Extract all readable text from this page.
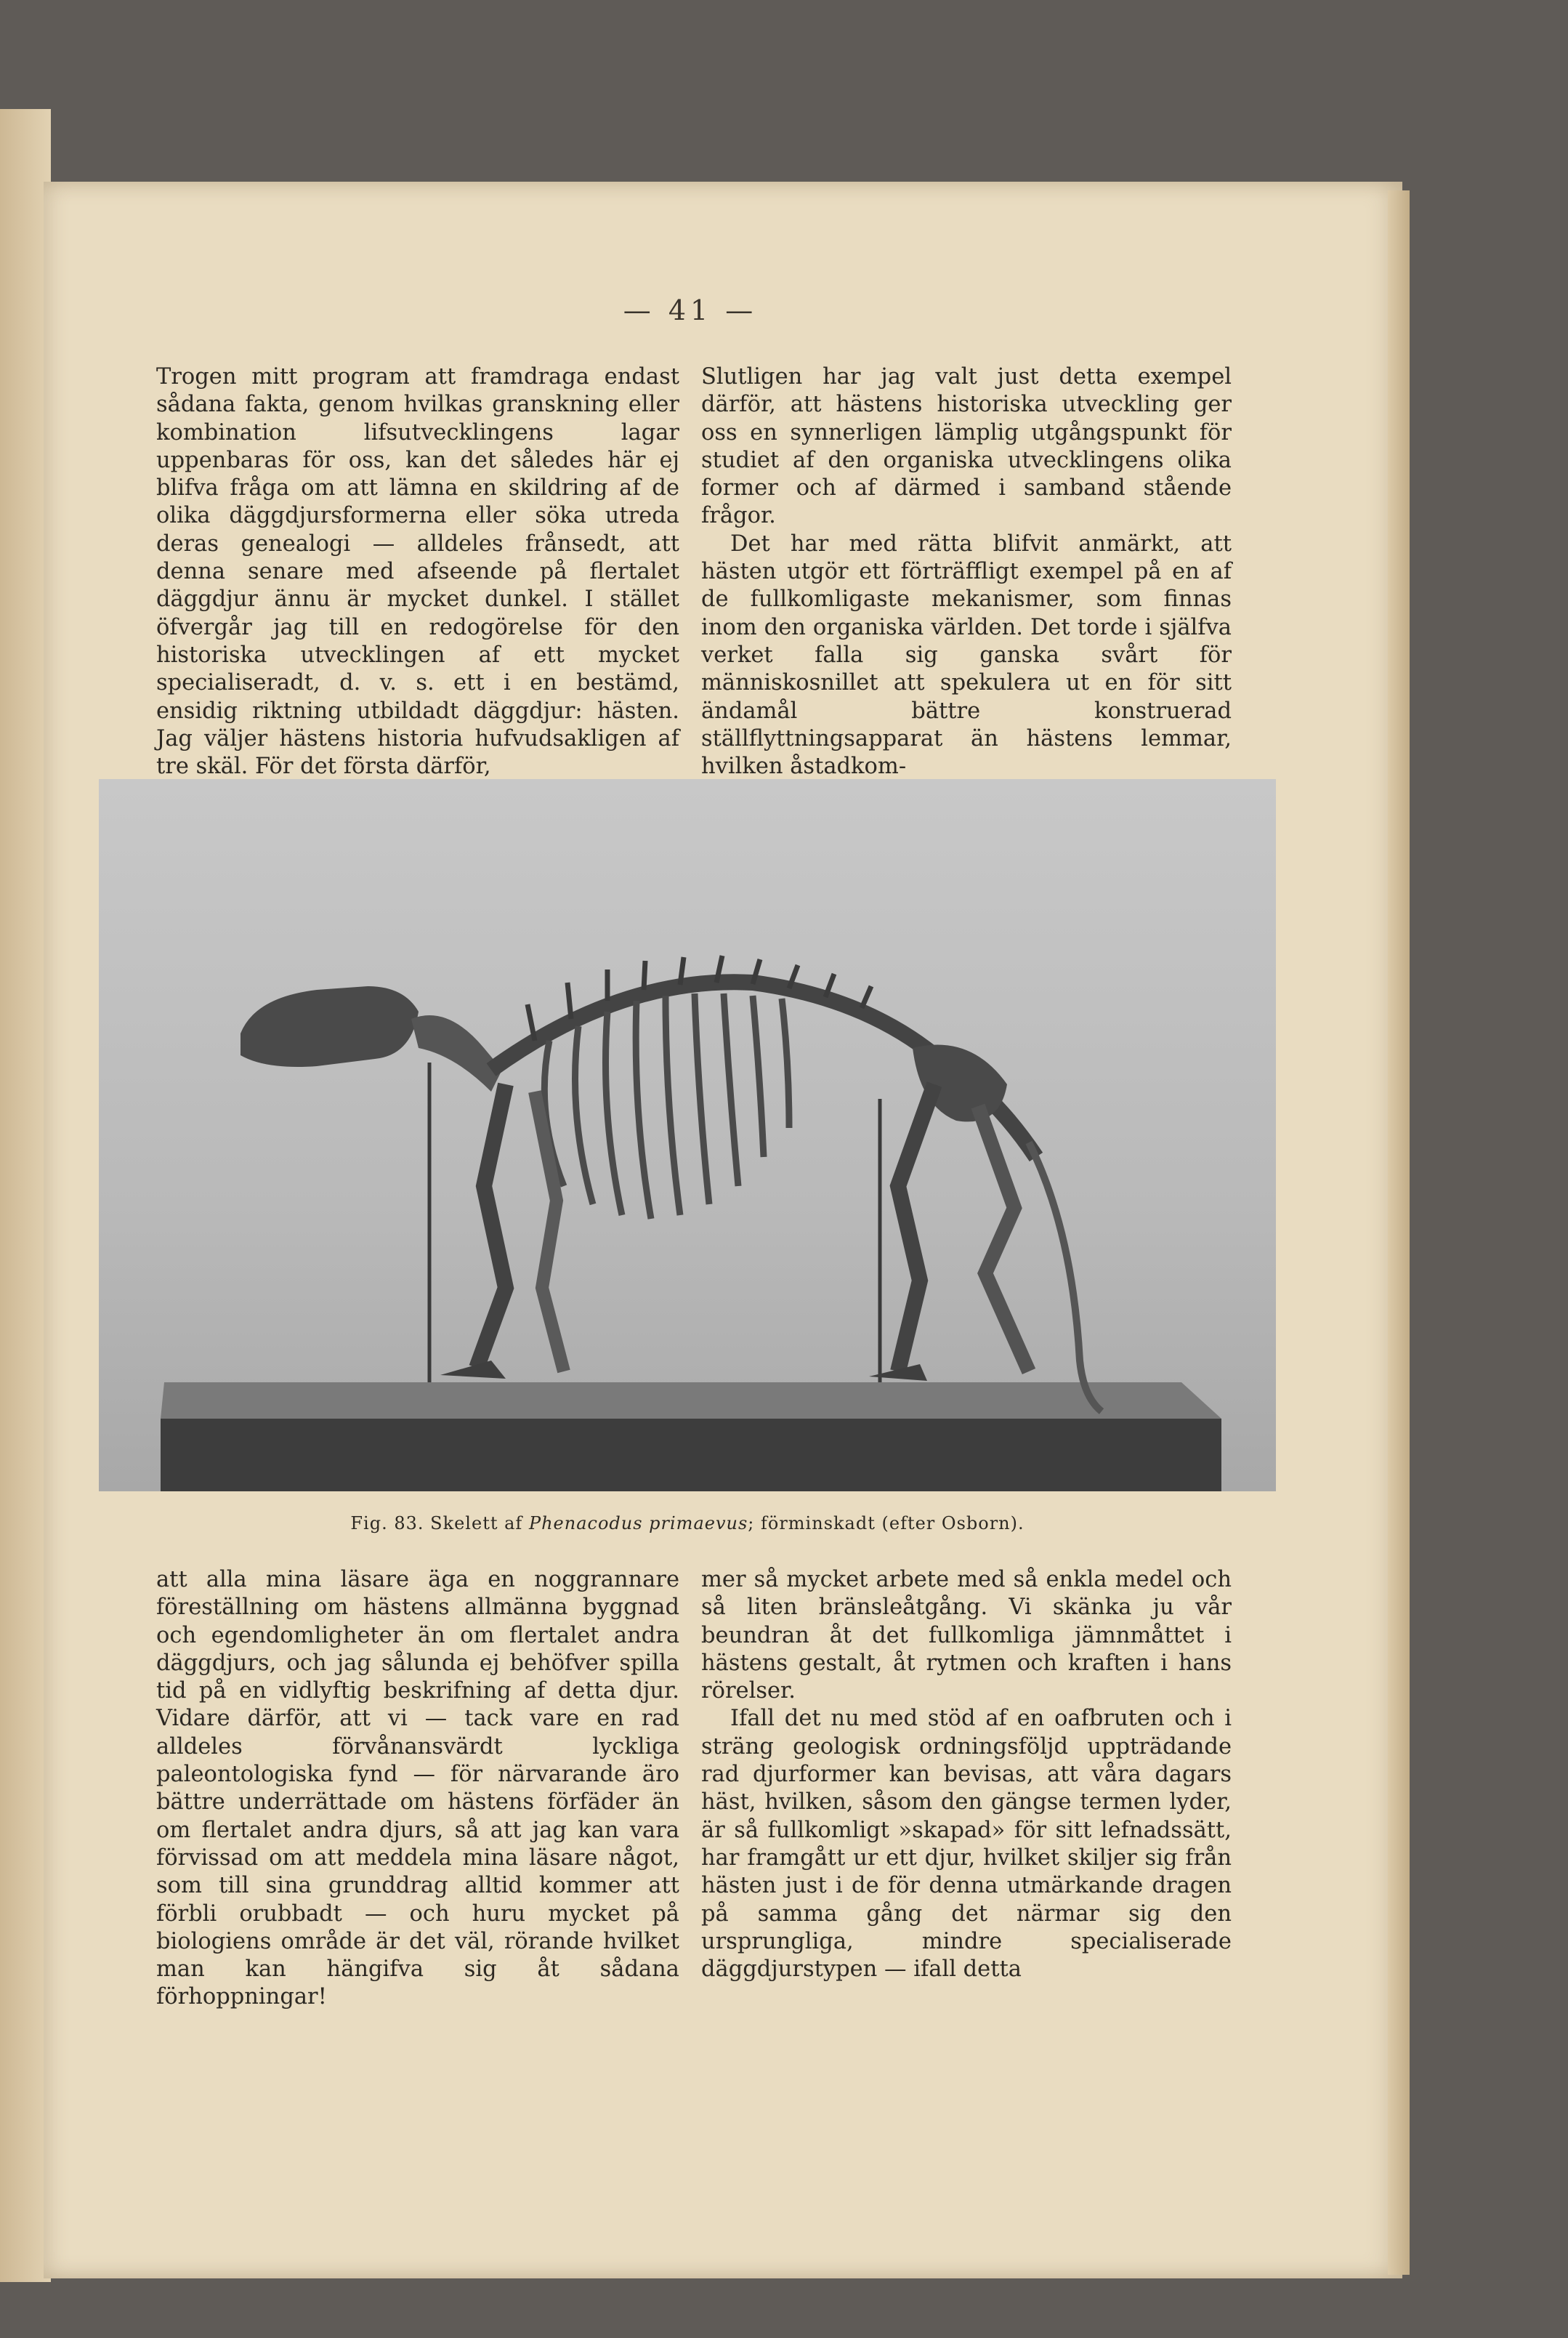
— 41 —

Trogen mitt program att framdraga endast sådana fakta, genom hvilkas granskning eller kombination lifsutvecklingens lagar uppenbaras för oss, kan det således här ej blifva fråga om att lämna en skildring af de olika däggdjursformerna eller söka utreda deras genealogi — alldeles frånsedt, att denna senare med afseende på flertalet däggdjur ännu är mycket dunkel. I stället öfvergår jag till en redogörelse för den historiska utvecklingen af ett mycket specialiseradt, d. v. s. ett i en bestämd, ensidig riktning utbildadt däggdjur: hästen. Jag väljer hästens historia hufvudsakligen af tre skäl. För det första därför,

Slutligen har jag valt just detta exempel därför, att hästens historiska utveckling ger oss en synnerligen lämplig utgångspunkt för studiet af den organiska utvecklingens olika former och af därmed i samband stående frågor.

Det har med rätta blifvit anmärkt, att hästen utgör ett förträffligt exempel på en af de fullkomligaste mekanismer, som finnas inom den organiska världen. Det torde i själfva verket falla sig ganska svårt för människosnillet att spekulera ut en för sitt ändamål bättre konstruerad ställflyttningsapparat än hästens lemmar, hvilken åstadkom-

Fig. 83. Skelett af Phenacodus primaevus; förminskadt (efter Osborn).

att alla mina läsare äga en noggrannare föreställning om hästens allmänna byggnad och egendomligheter än om flertalet andra däggdjurs, och jag sålunda ej behöfver spilla tid på en vidlyftig beskrifning af detta djur. Vidare därför, att vi — tack vare en rad alldeles förvånansvärdt lyckliga paleontologiska fynd — för närvarande äro bättre underrättade om hästens förfäder än om flertalet andra djurs, så att jag kan vara förvissad om att meddela mina läsare något, som till sina grunddrag alltid kommer att förbli orubbadt — och huru mycket på biologiens område är det väl, rörande hvilket man kan hängifva sig åt sådana förhoppningar!

mer så mycket arbete med så enkla medel och så liten bränsleåtgång. Vi skänka ju vår beundran åt det fullkomliga jämnmåttet i hästens gestalt, åt rytmen och kraften i hans rörelser.

Ifall det nu med stöd af en oafbruten och i sträng geologisk ordningsföljd uppträdande rad djurformer kan bevisas, att våra dagars häst, hvilken, såsom den gängse termen lyder, är så fullkomligt »skapad» för sitt lefnadssätt, har framgått ur ett djur, hvilket skiljer sig från hästen just i de för denna utmärkande dragen på samma gång det närmar sig den ursprungliga, mindre specialiserade däggdjurstypen — ifall detta
